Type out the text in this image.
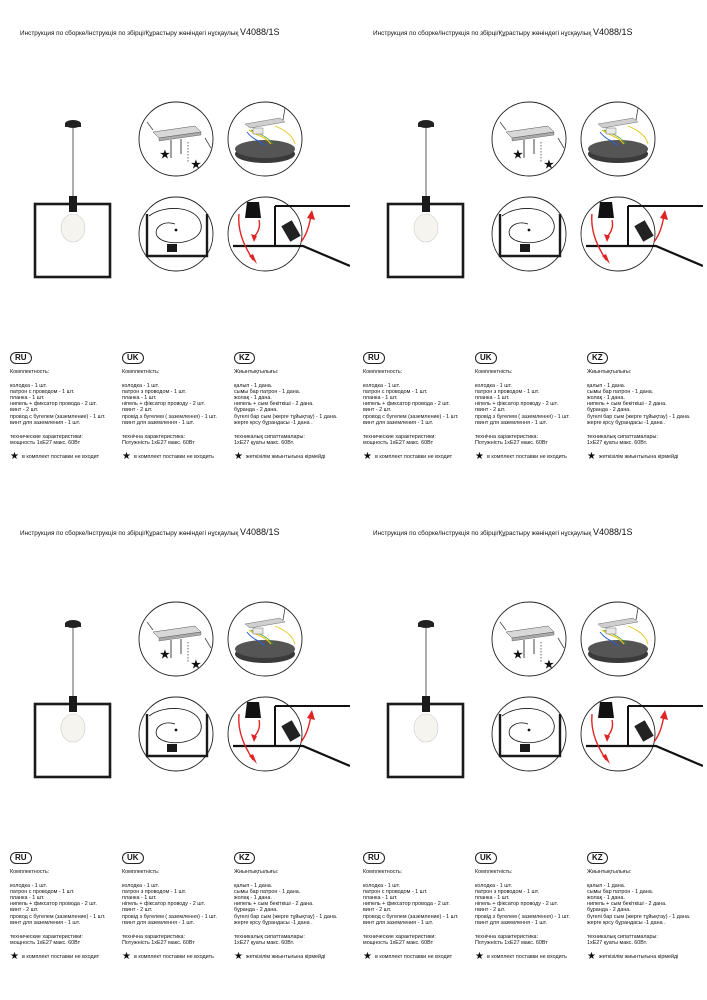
Инструкция по сборке/Інструкція по збірці/Құрастыру жөніндегі нұсқаулық V4088/1S
★
★
RU
Комплектность:
колодка - 1 шт.
патрон с проводом - 1 шт.
планка - 1 шт.
нипель + фиксатор провода - 2 шт.
винт - 2 шт.
провод с бугелем (заземление) - 1 шт.
винт для заземления - 1 шт.
технические характеристики:
мощность 1хЕ27 макс. 60Вт
★ в комплект поставки не входит
UK
Комплектність:
колодка - 1 шт.
патрон з проводом - 1 шт.
планка - 1 шт.
нiпель + фiксатор проводу - 2 шт.
гвинт - 2 шт.
провiд з бугелем ( заземлення) - 1 шт.
гвинт для заземлення - 1 шт.
технiчна характеристика:
Потужність 1хЕ27 макс. 60Вт
★ в комплект поставки не входить
KZ
Жиынтықтылығы:
қалып - 1 дана.
сымы бар патрон - 1 дана.
жолақ - 1 дана.
нипель + сым бекіткіші - 2 дана.
бұранда - 2 дана.
бүгелі бар сым (жерге тұйықтау) - 1 дана.
жерге қосу бұрандасы -1 дана .
техникалық сипаттамалары:
1хЕ27 қуаты макс. 60Вт.
★ жеткізілім жиынтығына кірмейді
Инструкция по сборке/Інструкція по збірці/Құрастыру жөніндегі нұсқаулық V4088/1S
★
★
RU
Комплектность:
колодка - 1 шт.
патрон с проводом - 1 шт.
планка - 1 шт.
нипель + фиксатор провода - 2 шт.
винт - 2 шт.
провод с бугелем (заземление) - 1 шт.
винт для заземления - 1 шт.
технические характеристики:
мощность 1хЕ27 макс. 60Вт
★ в комплект поставки не входит
UK
Комплектність:
колодка - 1 шт.
патрон з проводом - 1 шт.
планка - 1 шт.
нiпель + фiксатор проводу - 2 шт.
гвинт - 2 шт.
провiд з бугелем ( заземлення) - 1 шт.
гвинт для заземлення - 1 шт.
технiчна характеристика:
Потужність 1хЕ27 макс. 60Вт
★ в комплект поставки не входить
KZ
Жиынтықтылығы:
қалып - 1 дана.
сымы бар патрон - 1 дана.
жолақ - 1 дана.
нипель + сым бекіткіші - 2 дана.
бұранда - 2 дана.
бүгелі бар сым (жерге тұйықтау) - 1 дана.
жерге қосу бұрандасы -1 дана .
техникалық сипаттамалары:
1хЕ27 қуаты макс. 60Вт.
★ жеткізілім жиынтығына кірмейді
Инструкция по сборке/Інструкція по збірці/Құрастыру жөніндегі нұсқаулық V4088/1S
★
★
RU
Комплектность:
колодка - 1 шт.
патрон с проводом - 1 шт.
планка - 1 шт.
нипель + фиксатор провода - 2 шт.
винт - 2 шт.
провод с бугелем (заземление) - 1 шт.
винт для заземления - 1 шт.
технические характеристики:
мощность 1хЕ27 макс. 60Вт
★ в комплект поставки не входит
UK
Комплектність:
колодка - 1 шт.
патрон з проводом - 1 шт.
планка - 1 шт.
нiпель + фiксатор проводу - 2 шт.
гвинт - 2 шт.
провiд з бугелем ( заземлення) - 1 шт.
гвинт для заземлення - 1 шт.
технiчна характеристика:
Потужність 1хЕ27 макс. 60Вт
★ в комплект поставки не входить
KZ
Жиынтықтылығы:
қалып - 1 дана.
сымы бар патрон - 1 дана.
жолақ - 1 дана.
нипель + сым бекіткіші - 2 дана.
бұранда - 2 дана.
бүгелі бар сым (жерге тұйықтау) - 1 дана.
жерге қосу бұрандасы -1 дана .
техникалық сипаттамалары:
1хЕ27 қуаты макс. 60Вт.
★ жеткізілім жиынтығына кірмейді
Инструкция по сборке/Інструкція по збірці/Құрастыру жөніндегі нұсқаулық V4088/1S
★
★
RU
Комплектность:
колодка - 1 шт.
патрон с проводом - 1 шт.
планка - 1 шт.
нипель + фиксатор провода - 2 шт.
винт - 2 шт.
провод с бугелем (заземление) - 1 шт.
винт для заземления - 1 шт.
технические характеристики:
мощность 1хЕ27 макс. 60Вт
★ в комплект поставки не входит
UK
Комплектність:
колодка - 1 шт.
патрон з проводом - 1 шт.
планка - 1 шт.
нiпель + фiксатор проводу - 2 шт.
гвинт - 2 шт.
провiд з бугелем ( заземлення) - 1 шт.
гвинт для заземлення - 1 шт.
технiчна характеристика:
Потужність 1хЕ27 макс. 60Вт
★ в комплект поставки не входить
KZ
Жиынтықтылығы:
қалып - 1 дана.
сымы бар патрон - 1 дана.
жолақ - 1 дана.
нипель + сым бекіткіші - 2 дана.
бұранда - 2 дана.
бүгелі бар сым (жерге тұйықтау) - 1 дана.
жерге қосу бұрандасы -1 дана .
техникалық сипаттамалары:
1хЕ27 қуаты макс. 60Вт.
★ жеткізілім жиынтығына кірмейді
